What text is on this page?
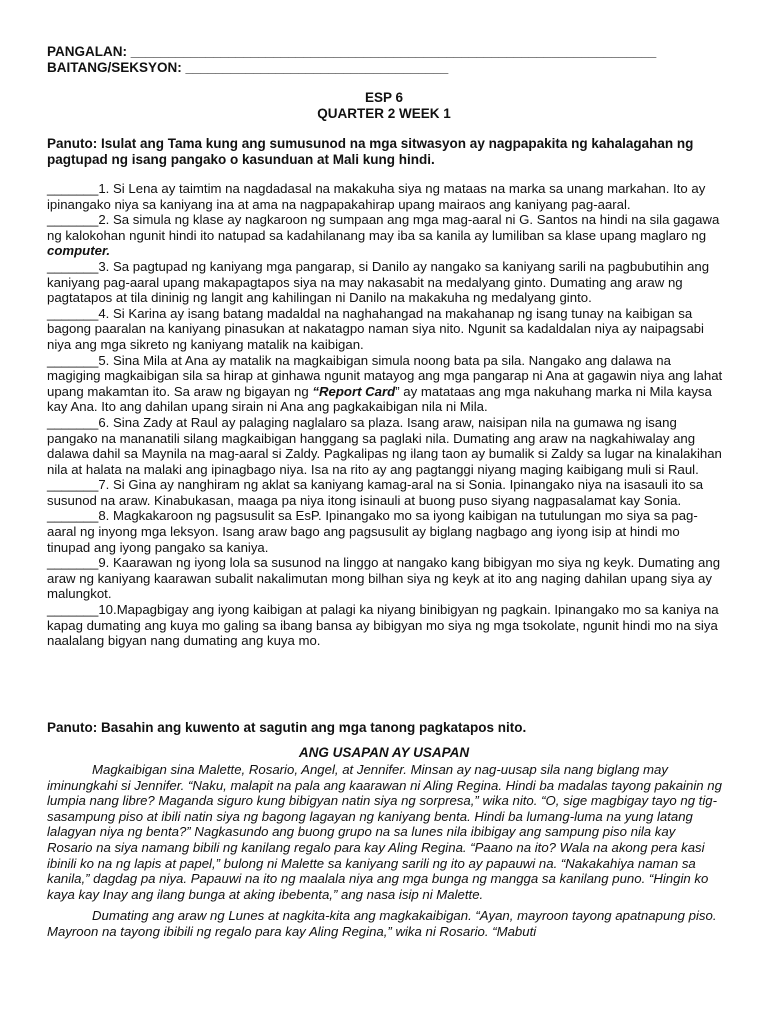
PANGALAN: ______________________________________________________________________
BAITANG/SEKSYON: ___________________________________
ESP 6
QUARTER 2 WEEK 1
Panuto: Isulat ang Tama kung ang sumusunod na mga sitwasyon ay nagpapakita ng kahalagahan ng pagtupad ng isang pangako o kasunduan at Mali kung hindi.
_______1. Si Lena ay taimtim na nagdadasal na makakuha siya ng mataas na marka sa unang markahan. Ito ay ipinangako niya sa kaniyang ina at ama na nagpapakahirap upang mairaos ang kaniyang pag-aaral.
_______2. Sa simula ng klase ay nagkaroon ng sumpaan ang mga mag-aaral ni G. Santos na hindi na sila gagawa ng kalokohan ngunit hindi ito natupad sa kadahilanang may iba sa kanila ay lumiliban sa klase upang maglaro ng computer.
_______3. Sa pagtupad ng kaniyang mga pangarap, si Danilo ay nangako sa kaniyang sarili na pagbubutihin ang kaniyang pag-aaral upang makapagtapos siya na may nakasabit na medalyang ginto. Dumating ang araw ng pagtatapos at tila dininig ng langit ang kahilingan ni Danilo na makakuha ng medalyang ginto.
_______4. Si Karina ay isang batang madaldal na naghahangad na makahanap ng isang tunay na kaibigan sa bagong paaralan na kaniyang pinasukan at nakatagpo naman siya nito. Ngunit sa kadaldalan niya ay naipagsabi niya ang mga sikreto ng kaniyang matalik na kaibigan.
_______5. Sina Mila at Ana ay matalik na magkaibigan simula noong bata pa sila. Nangako ang dalawa na magiging magkaibigan sila sa hirap at ginhawa ngunit matayog ang mga pangarap ni Ana at gagawin niya ang lahat upang makamtan ito. Sa araw ng bigayan ng “Report Card” ay matataas ang mga nakuhang marka ni Mila kaysa kay Ana. Ito ang dahilan upang sirain ni Ana ang pagkakaibigan nila ni Mila.
_______6. Sina Zady at Raul ay palaging naglalaro sa plaza. Isang araw, naisipan nila na gumawa ng isang pangako na mananatili silang magkaibigan hanggang sa paglaki nila. Dumating ang araw na nagkahiwalay ang dalawa dahil sa Maynila na mag-aaral si Zaldy. Pagkalipas ng ilang taon ay bumalik si Zaldy sa lugar na kinalakihan nila at halata na malaki ang ipinagbago niya. Isa na rito ay ang pagtanggi niyang maging kaibigang muli si Raul.
_______7. Si Gina ay nanghiram ng aklat sa kaniyang kamag-aral na si Sonia. Ipinangako niya na isasauli ito sa susunod na araw. Kinabukasan, maaga pa niya itong isinauli at buong puso siyang nagpasalamat kay Sonia.
_______8. Magkakaroon ng pagsusulit sa EsP. Ipinangako mo sa iyong kaibigan na tutulungan mo siya sa pag-aaral ng inyong mga leksyon. Isang araw bago ang pagsusulit ay biglang nagbago ang iyong isip at hindi mo tinupad ang iyong pangako sa kaniya.
_______9. Kaarawan ng iyong lola sa susunod na linggo at nangako kang bibigyan mo siya ng keyk. Dumating ang araw ng kaniyang kaarawan subalit nakalimutan mong bilhan siya ng keyk at ito ang naging dahilan upang siya ay malungkot.
_______10.Mapagbigay ang iyong kaibigan at palagi ka niyang binibigyan ng pagkain. Ipinangako mo sa kaniya na kapag dumating ang kuya mo galing sa ibang bansa ay bibigyan mo siya ng mga tsokolate, ngunit hindi mo na siya naalalang bigyan nang dumating ang kuya mo.
Panuto: Basahin ang kuwento at sagutin ang mga tanong pagkatapos nito.
ANG USAPAN AY USAPAN

Magkaibigan sina Malette, Rosario, Angel, at Jennifer. Minsan ay nag-uusap sila nang biglang may iminungkahi si Jennifer. “Naku, malapit na pala ang kaarawan ni Aling Regina. Hindi ba madalas tayong pakainin ng lumpia nang libre? Maganda siguro kung bibigyan natin siya ng sorpresa,” wika nito. “O, sige magbigay tayo ng tig-sasampung piso at ibili natin siya ng bagong lagayan ng kaniyang benta. Hindi ba lumang-luma na yung latang lalagyan niya ng benta?” Nagkasundo ang buong grupo na sa lunes nila ibibigay ang sampung piso nila kay Rosario na siya namang bibili ng kanilang regalo para kay Aling Regina. “Paano na ito? Wala na akong pera kasi ibinili ko na ng lapis at papel,” bulong ni Malette sa kaniyang sarili ng ito ay papauwi na. “Nakakahiya naman sa kanila,” dagdag pa niya. Papauwi na ito ng maalala niya ang mga bunga ng mangga sa kanilang puno. “Hingin ko kaya kay Inay ang ilang bunga at aking ibebenta,” ang nasa isip ni Malette.

Dumating ang araw ng Lunes at nagkita-kita ang magkakaibigan. “Ayan, mayroon tayong apatnapung piso. Mayroon na tayong ibibili ng regalo para kay Aling Regina,” wika ni Rosario. “Mabuti
